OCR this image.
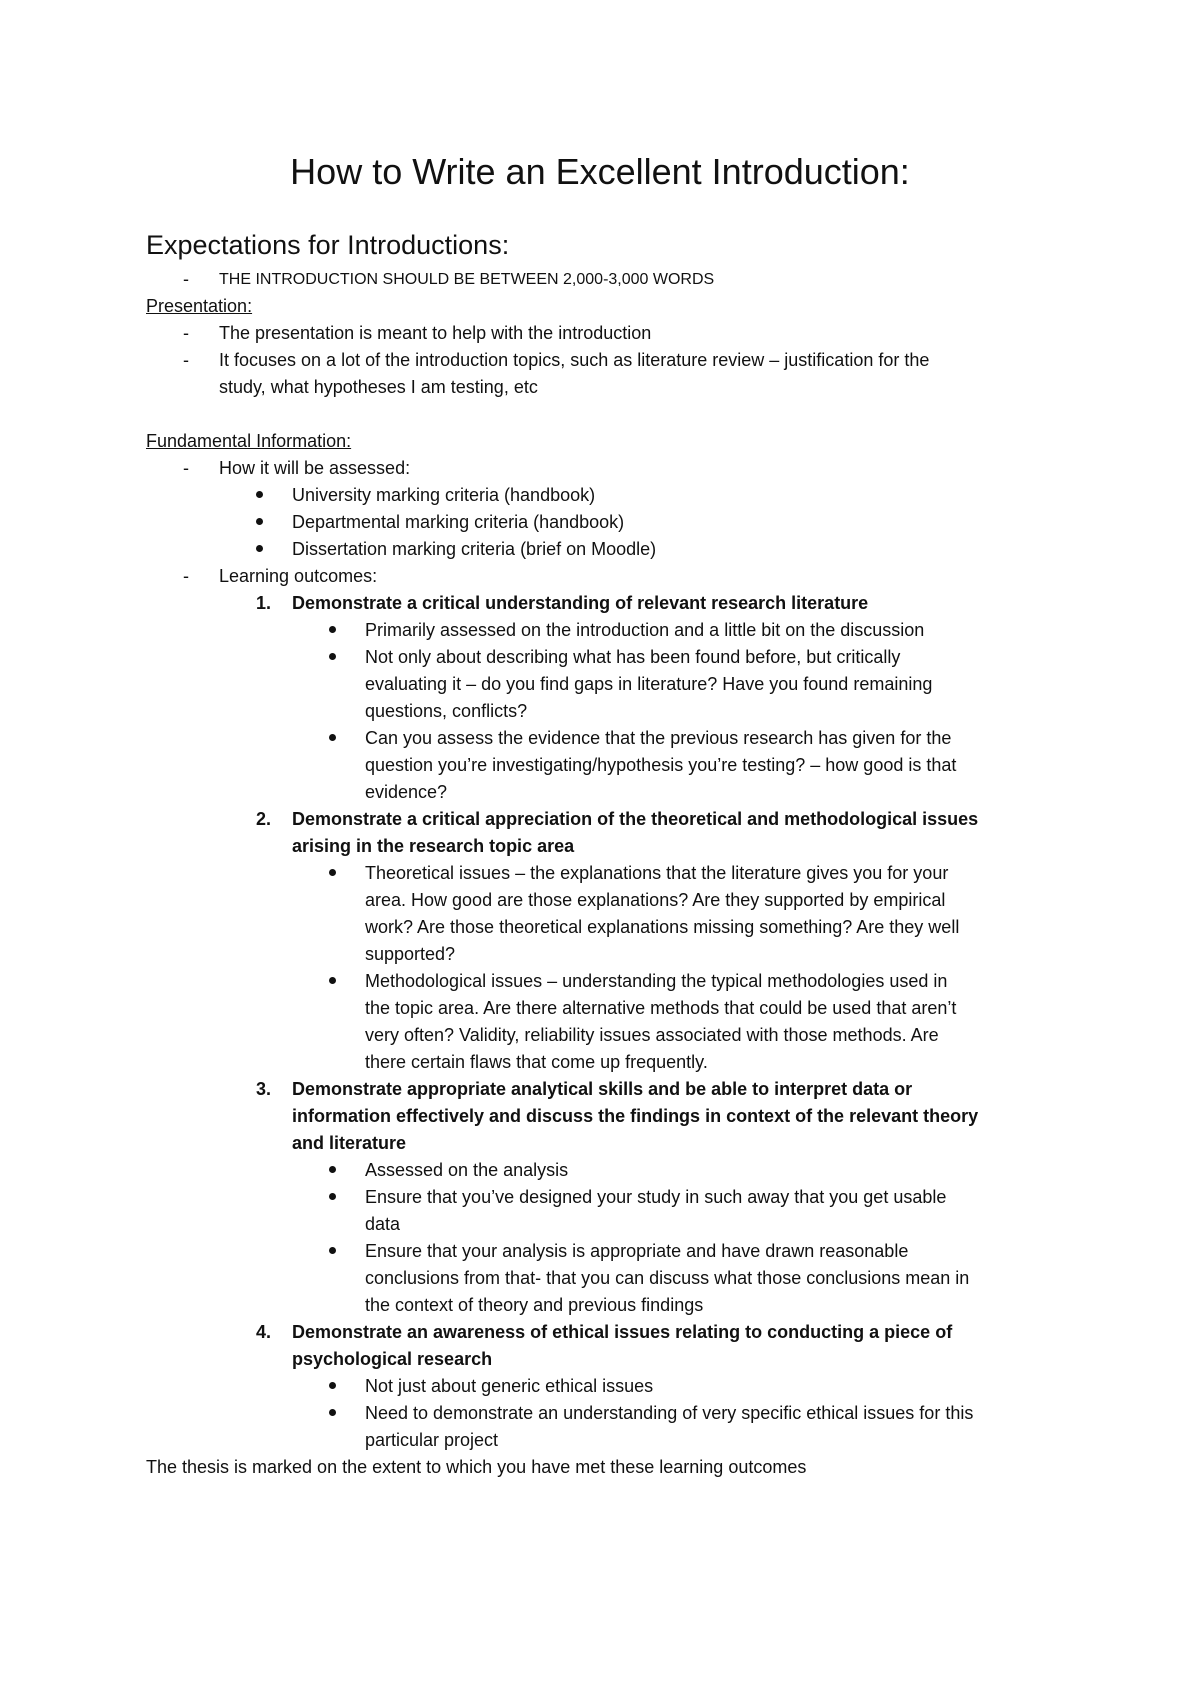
How to Write an Excellent Introduction:
Expectations for Introductions:
- THE INTRODUCTION SHOULD BE BETWEEN 2,000-3,000 WORDS
Presentation:
- The presentation is meant to help with the introduction
- It focuses on a lot of the introduction topics, such as literature review – justification for the
study, what hypotheses I am testing, etc
Fundamental Information:
- How it will be assessed:
University marking criteria (handbook)
Departmental marking criteria (handbook)
Dissertation marking criteria (brief on Moodle)
- Learning outcomes:
1. Demonstrate a critical understanding of relevant research literature
Primarily assessed on the introduction and a little bit on the discussion
Not only about describing what has been found before, but critically
evaluating it – do you find gaps in literature? Have you found remaining
questions, conflicts?
Can you assess the evidence that the previous research has given for the
question you’re investigating/hypothesis you’re testing? – how good is that
evidence?
2. Demonstrate a critical appreciation of the theoretical and methodological issues
arising in the research topic area
Theoretical issues – the explanations that the literature gives you for your
area. How good are those explanations? Are they supported by empirical
work? Are those theoretical explanations missing something? Are they well
supported?
Methodological issues – understanding the typical methodologies used in
the topic area. Are there alternative methods that could be used that aren’t
very often? Validity, reliability issues associated with those methods. Are
there certain flaws that come up frequently.
3. Demonstrate appropriate analytical skills and be able to interpret data or
information effectively and discuss the findings in context of the relevant theory
and literature
Assessed on the analysis
Ensure that you’ve designed your study in such away that you get usable
data
Ensure that your analysis is appropriate and have drawn reasonable
conclusions from that- that you can discuss what those conclusions mean in
the context of theory and previous findings
4. Demonstrate an awareness of ethical issues relating to conducting a piece of
psychological research
Not just about generic ethical issues
Need to demonstrate an understanding of very specific ethical issues for this
particular project
The thesis is marked on the extent to which you have met these learning outcomes
